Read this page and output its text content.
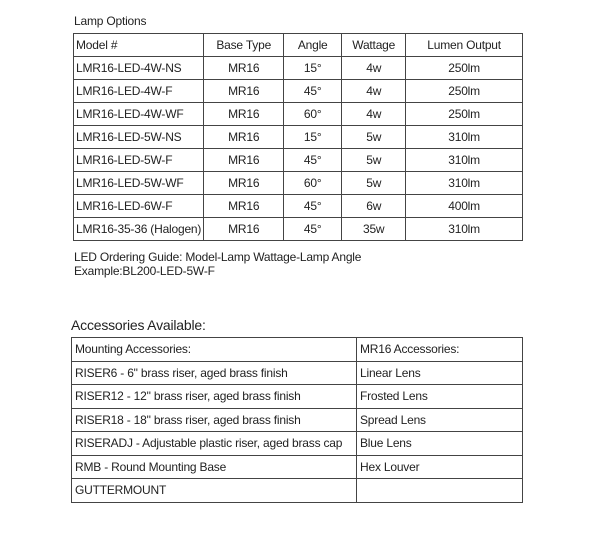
Lamp Options
Model #	Base Type	Angle	Wattage	Lumen Output
LMR16-LED-4W-NS	MR16	15°	4w	250lm
LMR16-LED-4W-F	MR16	45°	4w	250lm
LMR16-LED-4W-WF	MR16	60°	4w	250lm
LMR16-LED-5W-NS	MR16	15°	5w	310lm
LMR16-LED-5W-F	MR16	45°	5w	310lm
LMR16-LED-5W-WF	MR16	60°	5w	310lm
LMR16-LED-6W-F	MR16	45°	6w	400lm
LMR16-35-36 (Halogen)	MR16	45°	35w	310lm
LED Ordering Guide: Model-Lamp Wattage-Lamp Angle
Example:BL200-LED-5W-F
Accessories Available:
Mounting Accessories:	MR16 Accessories:
RISER6 - 6" brass riser, aged brass finish	Linear Lens
RISER12 - 12" brass riser, aged brass finish	Frosted Lens
RISER18 - 18" brass riser, aged brass finish	Spread Lens
RISERADJ - Adjustable plastic riser, aged brass cap	Blue Lens
RMB - Round Mounting Base	Hex Louver
GUTTERMOUNT	
